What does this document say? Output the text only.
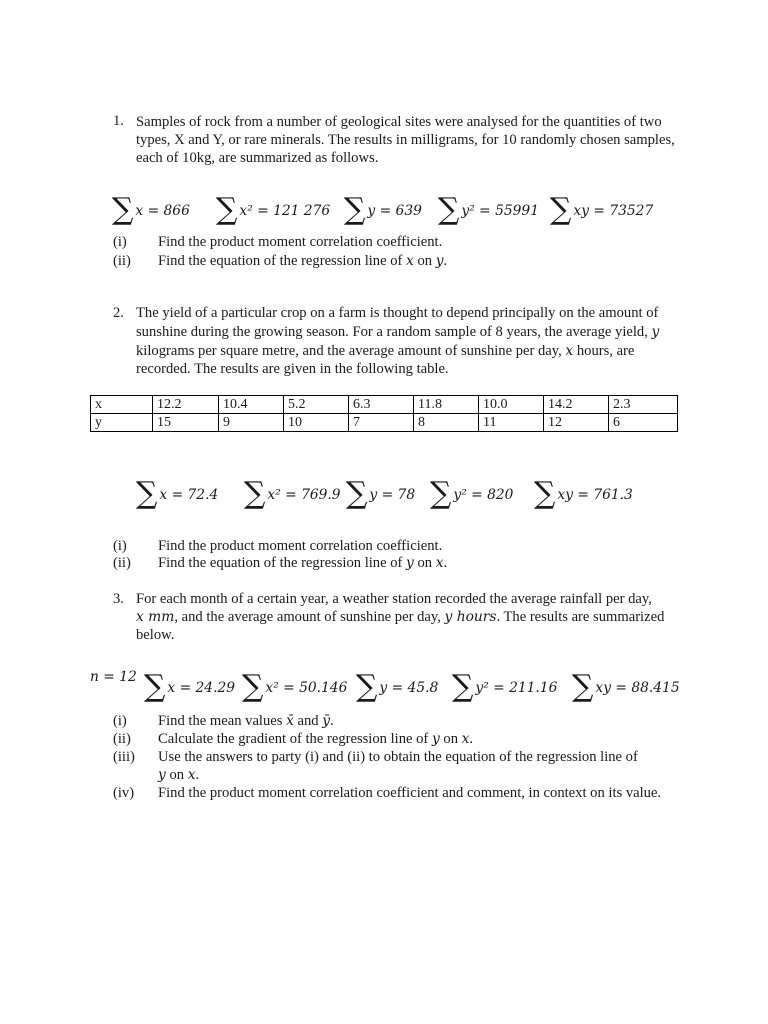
1. Samples of rock from a number of geological sites were analysed for the quantities of two types, X and Y, or rare minerals. The results in milligrams, for 10 randomly chosen samples, each of 10kg, are summarized as follows.
∑ x = 866 ∑ x² = 121 276 ∑ y = 639 ∑ y² = 55991 ∑ xy = 73527
(i)	Find the product moment correlation coefficient.
(ii)	Find the equation of the regression line of x on y.
2. The yield of a particular crop on a farm is thought to depend principally on the amount of
sunshine during the growing season. For a random sample of 8 years, the average yield, y
kilograms per square metre, and the average amount of sunshine per day, x hours, are
recorded. The results are given in the following table.
x	12.2	10.4	5.2	6.3	11.8	10.0	14.2	2.3
y	15	9	10	7	8	11	12	6
∑ x = 72.4 ∑ x² = 769.9 ∑ y = 78 ∑ y² = 820 ∑ xy = 761.3
(i)	Find the product moment correlation coefficient.
(ii)	Find the equation of the regression line of y on x.
3. For each month of a certain year, a weather station recorded the average rainfall per day,
x mm, and the average amount of sunshine per day, y hours. The results are summarized
below.
n = 12 ∑ x = 24.29 ∑ x² = 50.146 ∑ y = 45.8 ∑ y² = 211.16 ∑ xy = 88.415
(i)	Find the mean values x̄ and ȳ.
(ii)	Calculate the gradient of the regression line of y on x.
(iii)	Use the answers to party (i) and (ii) to obtain the equation of the regression line of
y on x.
(iv)	Find the product moment correlation coefficient and comment, in context on its value.
